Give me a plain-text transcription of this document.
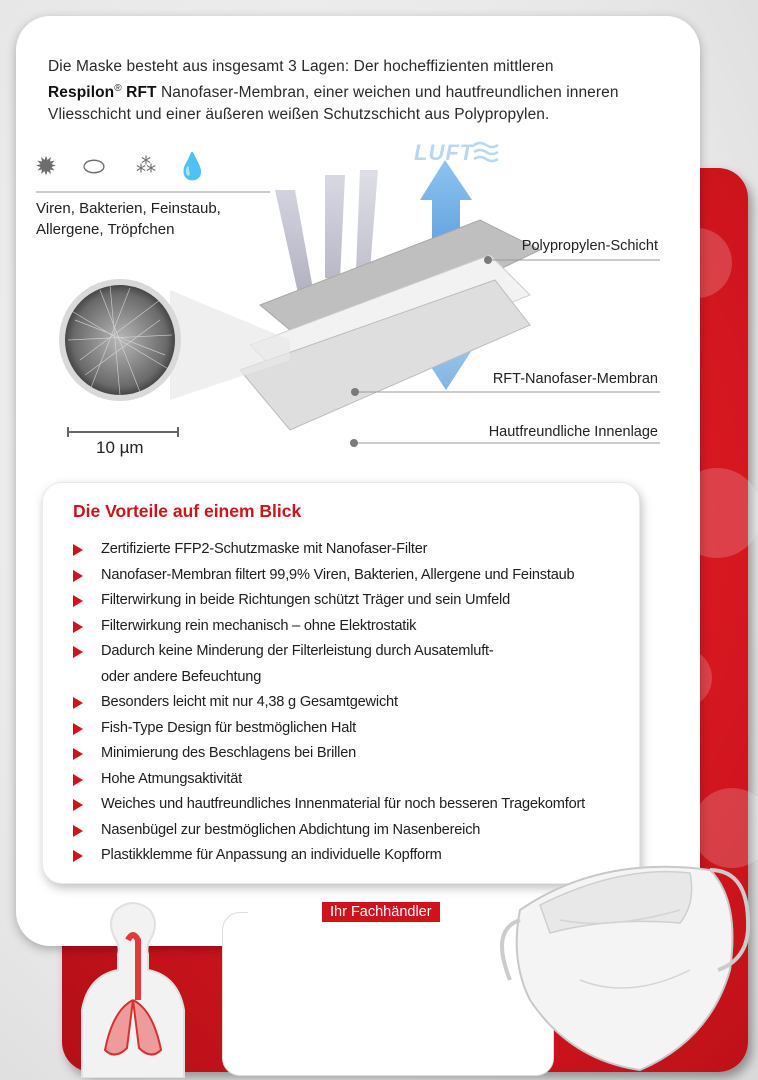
Die Maske besteht aus insgesamt 3 Lagen: Der hocheffizienten mittleren
Respilon® RFT Nanofaser-Membran, einer weichen und hautfreundlichen inneren
Vliesschicht und einer äußeren weißen Schutzschicht aus Polypropylen.
✹ ⬭	⁂ 💧
Viren, Bakterien, Feinstaub,
Allergene, Tröpfchen
LUFT
Polypropylen-Schicht
RFT-Nanofaser-Membran
Hautfreundliche Innenlage
10 µm
Die Vorteile auf einem Blick
Zertifizierte FFP2-Schutzmaske mit Nanofaser-Filter
Nanofaser-Membran filtert 99,9% Viren, Bakterien, Allergene und Feinstaub
Filterwirkung in beide Richtungen schützt Träger und sein Umfeld
Filterwirkung rein mechanisch – ohne Elektrostatik
Dadurch keine Minderung der Filterleistung durch Ausatemluft-
oder andere Befeuchtung
Besonders leicht mit nur 4,38 g Gesamtgewicht
Fish-Type Design für bestmöglichen Halt
Minimierung des Beschlagens bei Brillen
Hohe Atmungsaktivität
Weiches und hautfreundliches Innenmaterial für noch besseren Tragekomfort
Nasenbügel zur bestmöglichen Abdichtung im Nasenbereich
Plastikklemme für Anpassung an individuelle Kopfform
Ihr Fachhändler
